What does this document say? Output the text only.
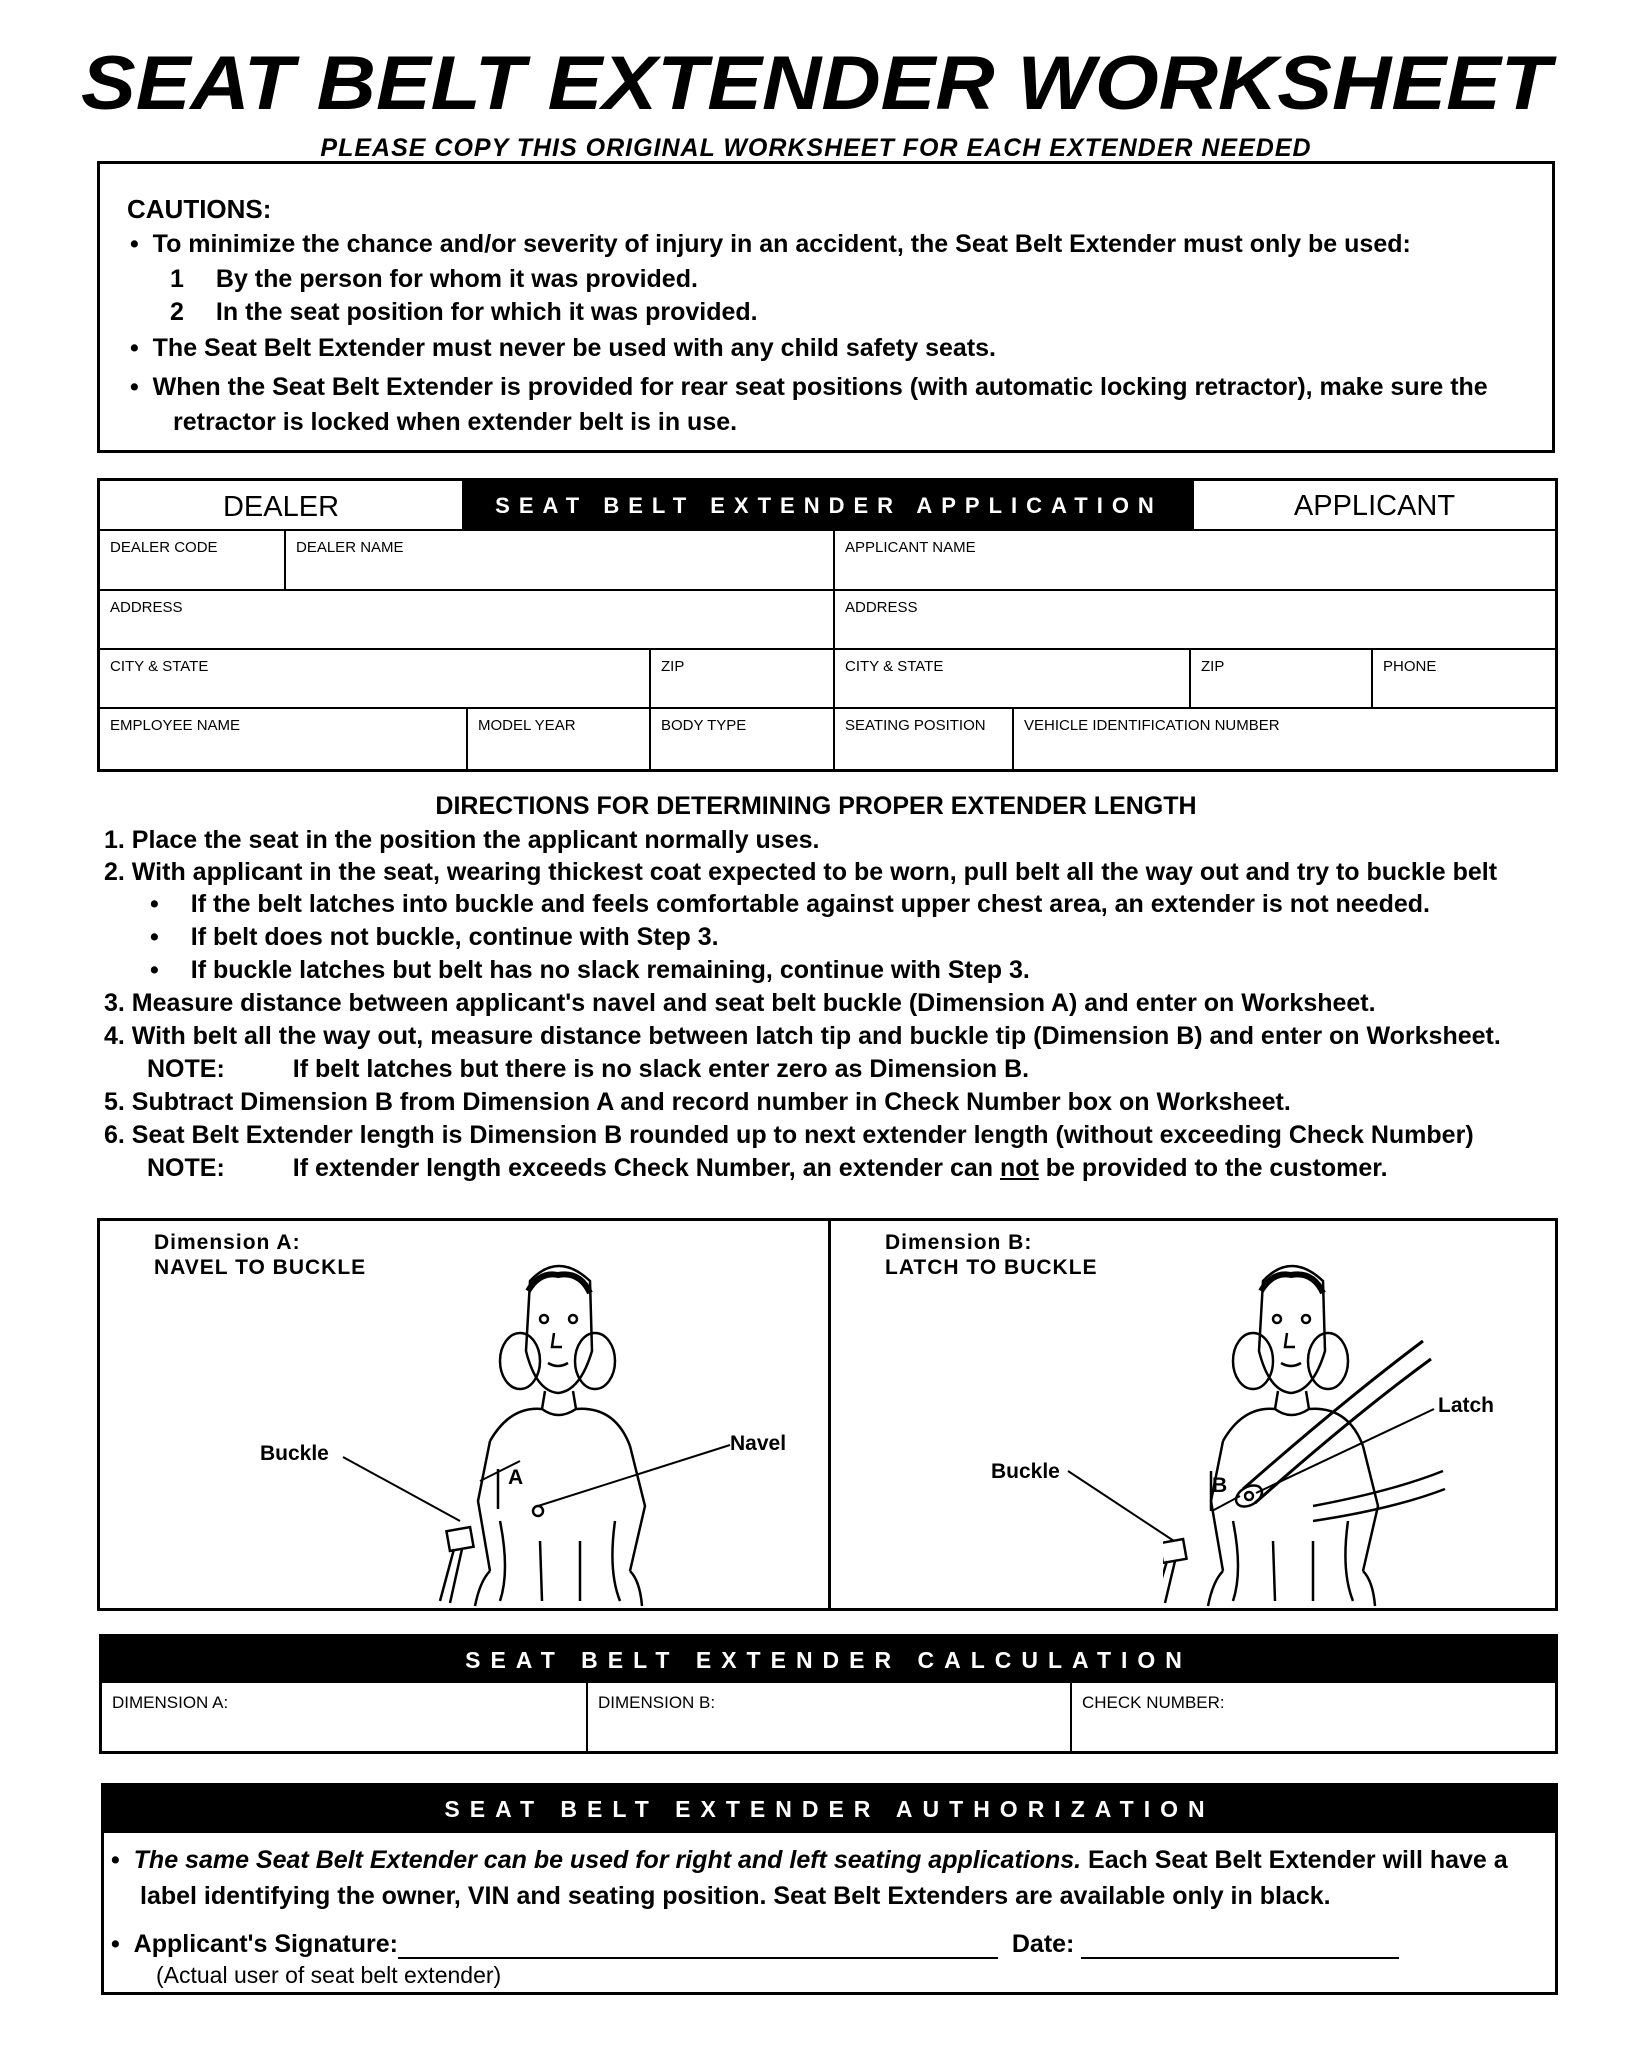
SEAT BELT EXTENDER WORKSHEET
PLEASE COPY THIS ORIGINAL WORKSHEET FOR EACH EXTENDER NEEDED
CAUTIONS:
•  To minimize the chance and/or severity of injury in an accident, the Seat Belt Extender must only be used:
1 By the person for whom it was provided.
2 In the seat position for which it was provided.
•  The Seat Belt Extender must never be used with any child safety seats.
•  When the Seat Belt Extender is provided for rear seat positions (with automatic locking retractor), make sure the
retractor is locked when extender belt is in use.
DEALER	SEAT BELT EXTENDER APPLICATION	APPLICANT
DEALER CODE	DEALER NAME	APPLICANT NAME
ADDRESS	ADDRESS
CITY & STATE	ZIP	CITY & STATE	ZIP	PHONE
EMPLOYEE NAME	MODEL YEAR	BODY TYPE	SEATING POSITION	VEHICLE IDENTIFICATION NUMBER
DIRECTIONS FOR DETERMINING PROPER EXTENDER LENGTH
1. Place the seat in the position the applicant normally uses.
2. With applicant in the seat, wearing thickest coat expected to be worn, pull belt all the way out and try to buckle belt
• If the belt latches into buckle and feels comfortable against upper chest area, an extender is not needed.
• If belt does not buckle, continue with Step 3.
• If buckle latches but belt has no slack remaining, continue with Step 3.
3. Measure distance between applicant's navel and seat belt buckle (Dimension A) and enter on Worksheet.
4. With belt all the way out, measure distance between latch tip and buckle tip (Dimension B) and enter on Worksheet.
NOTE:	If belt latches but there is no slack enter zero as Dimension B.
5. Subtract Dimension B from Dimension A and record number in Check Number box on Worksheet.
6. Seat Belt Extender length is Dimension B rounded up to next extender length (without exceeding Check Number)
NOTE:	If extender length exceeds Check Number, an extender can not be provided to the customer.
Dimension A:
NAVEL TO BUCKLE
Dimension B:
LATCH TO BUCKLE
Buckle	Navel
A	Buckle
Latch
B
SEAT BELT EXTENDER CALCULATION
DIMENSION A:	DIMENSION B:	CHECK NUMBER:
SEAT BELT EXTENDER AUTHORIZATION
•  The same Seat Belt Extender can be used for right and left seating applications. Each Seat Belt Extender will have a
label identifying the owner, VIN and seating position. Seat Belt Extenders are available only in black.
•  Applicant's Signature:	Date:
(Actual user of seat belt extender)
